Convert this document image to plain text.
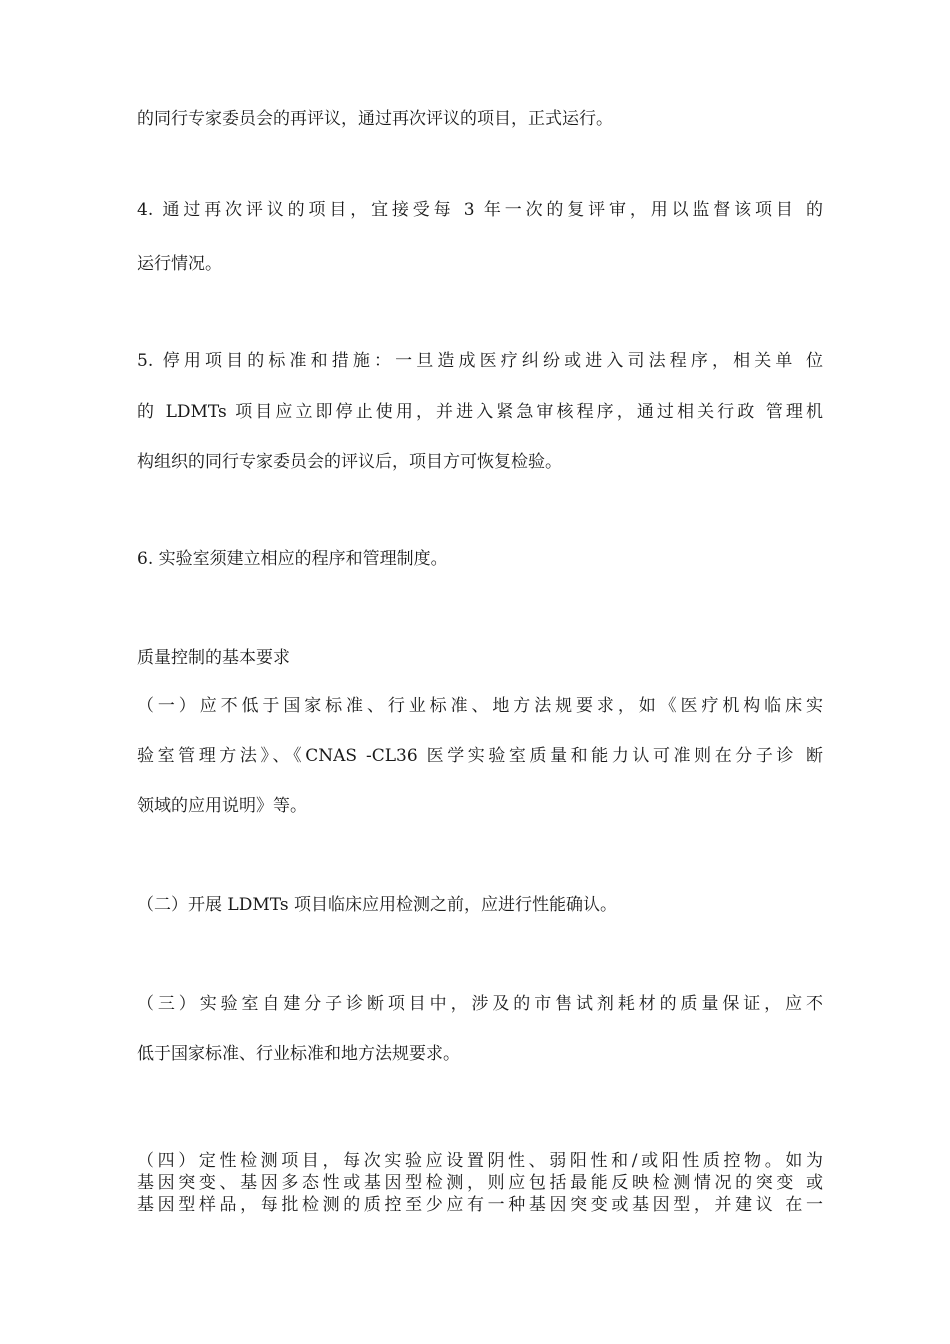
的同行专家委员会的再评议，通过再次评议的项目，正式运行。
4. 通过再次评议的项目，宜接受每 3 年一次的复评审，用以监督该项目 的
运行情况。
5. 停用项目的标准和措施：一旦造成医疗纠纷或进入司法程序，相关单 位
的 LDMTs 项目应立即停止使用，并进入紧急审核程序，通过相关行政 管理机
构组织的同行专家委员会的评议后，项目方可恢复检验。
6. 实验室须建立相应的程序和管理制度。
质量控制的基本要求
（一）应不低于国家标准、行业标准、地方法规要求，如《医疗机构临床实
验室管理方法》、《CNAS -CL36 医学实验室质量和能力认可准则在分子诊 断
领域的应用说明》等。
（二）开展 LDMTs 项目临床应用检测之前，应进行性能确认。
（三）实验室自建分子诊断项目中，涉及的市售试剂耗材的质量保证，应不
低于国家标准、行业标准和地方法规要求。
（四）定性检测项目，每次实验应设置阴性、弱阳性和/或阳性质控物。如为
基因突变、基因多态性或基因型检测，则应包括最能反映检测情况的突变 或
基因型样品，每批检测的质控至少应有一种基因突变或基因型，并建议 在一
